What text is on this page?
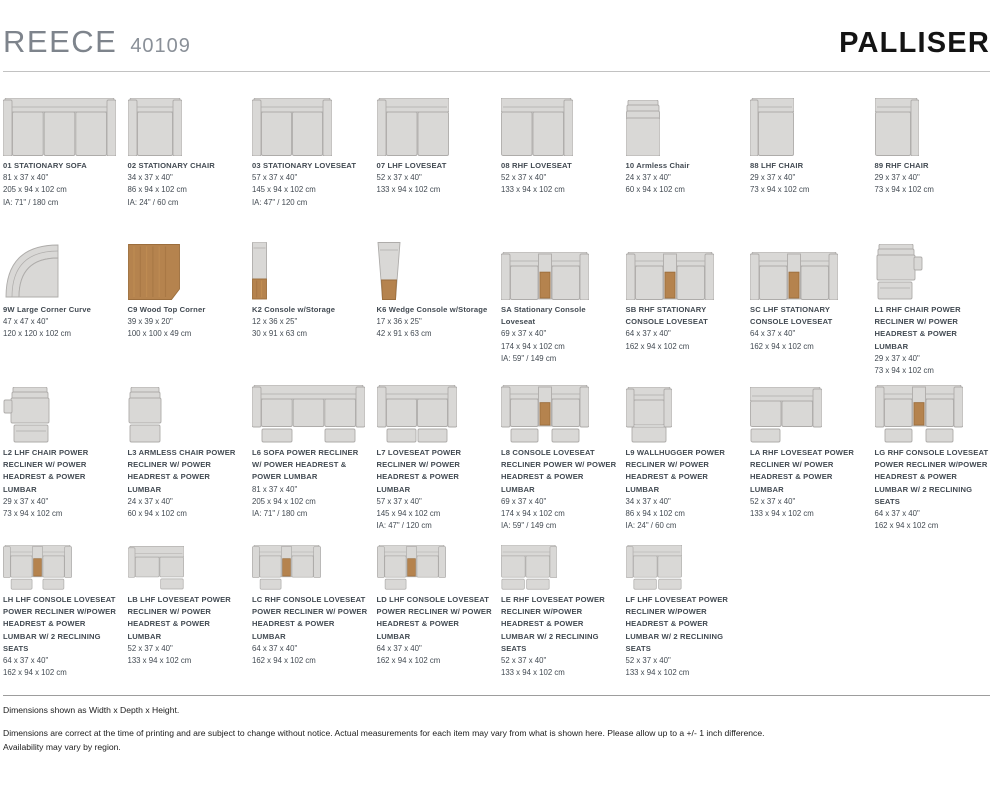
REECE 40109	PALLISER
01 STATIONARY SOFA
81 x 37 x 40"
205 x 94 x 102 cm
IA: 71" / 180 cm
02 STATIONARY CHAIR
34 x 37 x 40"
86 x 94 x 102 cm
IA: 24" / 60 cm
03 STATIONARY LOVESEAT
57 x 37 x 40"
145 x 94 x 102 cm
IA: 47" / 120 cm
07 LHF LOVESEAT
52 x 37 x 40"
133 x 94 x 102 cm
08 RHF LOVESEAT
52 x 37 x 40"
133 x 94 x 102 cm
10 Armless Chair
24 x 37 x 40"
60 x 94 x 102 cm
88 LHF CHAIR
29 x 37 x 40"
73 x 94 x 102 cm
89 RHF CHAIR
29 x 37 x 40"
73 x 94 x 102 cm
9W Large Corner Curve
47 x 47 x 40"
120 x 120 x 102 cm
C9 Wood Top Corner
39 x 39 x 20"
100 x 100 x 49 cm
K2 Console w/Storage
12 x 36 x 25"
30 x 91 x 63 cm
K6 Wedge Console w/Storage
17 x 36 x 25"
42 x 91 x 63 cm
SA Stationary Console Loveseat
69 x 37 x 40"
174 x 94 x 102 cm
IA: 59" / 149 cm
SB RHF STATIONARY CONSOLE LOVESEAT
64 x 37 x 40"
162 x 94 x 102 cm
SC LHF STATIONARY CONSOLE LOVESEAT
64 x 37 x 40"
162 x 94 x 102 cm
L1 RHF CHAIR POWER RECLINER W/ POWER HEADREST & POWER LUMBAR
29 x 37 x 40"
73 x 94 x 102 cm
L2 LHF CHAIR POWER RECLINER W/ POWER HEADREST & POWER LUMBAR
29 x 37 x 40"
73 x 94 x 102 cm
L3 ARMLESS CHAIR POWER RECLINER W/ POWER HEADREST & POWER LUMBAR
24 x 37 x 40"
60 x 94 x 102 cm
L6 SOFA POWER RECLINER W/ POWER HEADREST & POWER LUMBAR
81 x 37 x 40"
205 x 94 x 102 cm
IA: 71" / 180 cm
L7 LOVESEAT POWER RECLINER W/ POWER HEADREST & POWER LUMBAR
57 x 37 x 40"
145 x 94 x 102 cm
IA: 47" / 120 cm
L8 CONSOLE LOVESEAT RECLINER POWER W/ POWER HEADREST & POWER LUMBAR
69 x 37 x 40"
174 x 94 x 102 cm
IA: 59" / 149 cm
L9 WALLHUGGER POWER RECLINER W/ POWER HEADREST & POWER LUMBAR
34 x 37 x 40"
86 x 94 x 102 cm
IA: 24" / 60 cm
LA RHF LOVESEAT POWER RECLINER W/ POWER HEADREST & POWER LUMBAR
52 x 37 x 40"
133 x 94 x 102 cm
LG RHF CONSOLE LOVESEAT POWER RECLINER W/POWER HEADREST & POWER LUMBAR W/ 2 RECLINING SEATS
64 x 37 x 40"
162 x 94 x 102 cm
LH LHF CONSOLE LOVESEAT POWER RECLINER W/POWER HEADREST & POWER LUMBAR W/ 2 RECLINING SEATS
64 x 37 x 40"
162 x 94 x 102 cm
LB LHF LOVESEAT POWER RECLINER W/ POWER HEADREST & POWER LUMBAR
52 x 37 x 40"
133 x 94 x 102 cm
LC RHF CONSOLE LOVESEAT POWER RECLINER W/ POWER HEADREST & POWER LUMBAR
64 x 37 x 40"
162 x 94 x 102 cm
LD LHF CONSOLE LOVESEAT POWER RECLINER W/ POWER HEADREST & POWER LUMBAR
64 x 37 x 40"
162 x 94 x 102 cm
LE RHF LOVESEAT POWER RECLINER W/POWER HEADREST & POWER LUMBAR W/ 2 RECLINING SEATS
52 x 37 x 40"
133 x 94 x 102 cm
LF LHF LOVESEAT POWER RECLINER W/POWER HEADREST & POWER LUMBAR W/ 2 RECLINING SEATS
52 x 37 x 40"
133 x 94 x 102 cm

Dimensions shown as Width x Depth x Height.

Dimensions are correct at the time of printing and are subject to change without notice. Actual measurements for each item may vary from what is shown here. Please allow up to a +/- 1 inch difference.
Availability may vary by region.
